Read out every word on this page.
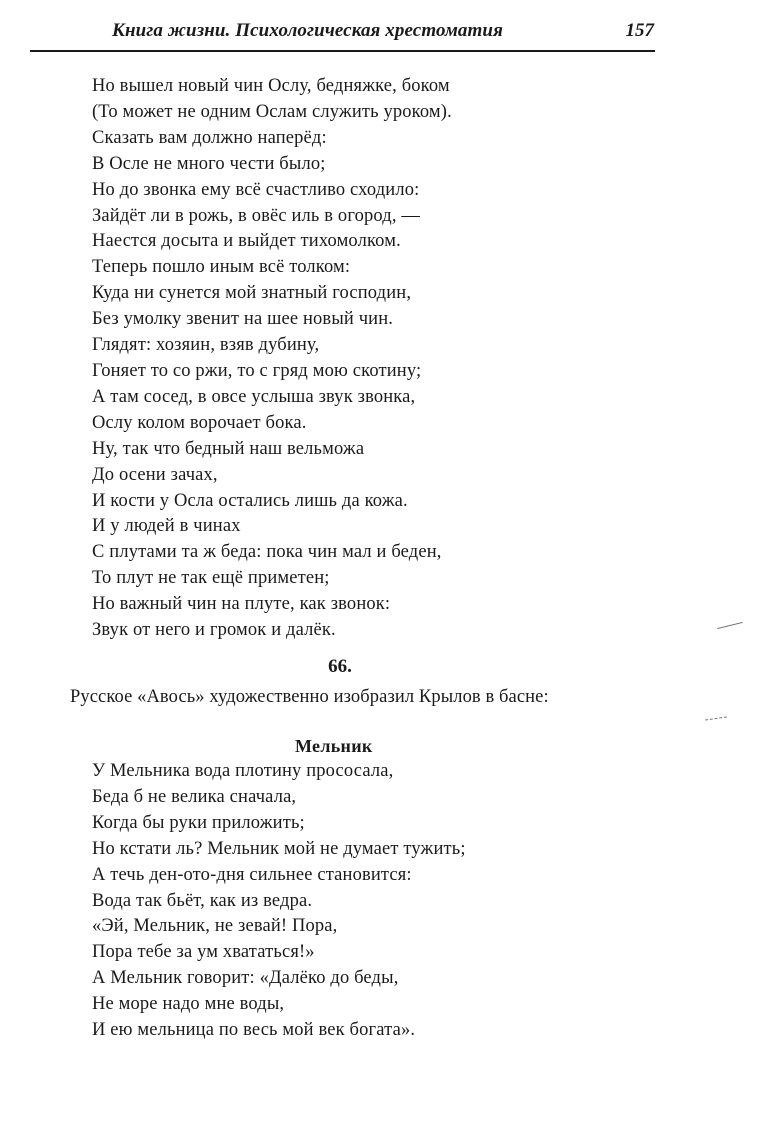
Книга жизни. Психологическая хрестоматия	157
Но вышел новый чин Ослу, бедняжке, боком
(То может не одним Ослам служить уроком).
Сказать вам должно наперёд:
В Осле не много чести было;
Но до звонка ему всё счастливо сходило:
Зайдёт ли в рожь, в овёс иль в огород, —
Наестся досыта и выйдет тихомолком.
Теперь пошло иным всё толком:
Куда ни сунется мой знатный господин,
Без умолку звенит на шее новый чин.
Глядят: хозяин, взяв дубину,
Гоняет то со ржи, то с гряд мою скотину;
А там сосед, в овсе услыша звук звонка,
Ослу колом ворочает бока.
Ну, так что бедный наш вельможа
До осени зачах,
И кости у Осла остались лишь да кожа.
И у людей в чинах
С плутами та ж беда: пока чин мал и беден,
То плут не так ещё приметен;
Но важный чин на плуте, как звонок:
Звук от него и громок и далёк.
66.
Русское «Авось» художественно изобразил Крылов в басне:
Мельник
У Мельника вода плотину прососала,
Беда б не велика сначала,
Когда бы руки приложить;
Но кстати ль? Мельник мой не думает тужить;
А течь ден-ото-дня сильнее становится:
Вода так бьёт, как из ведра.
«Эй, Мельник, не зевай! Пора,
Пора тебе за ум хвататься!»
А Мельник говорит: «Далёко до беды,
Не море надо мне воды,
И ею мельница по весь мой век богата».
